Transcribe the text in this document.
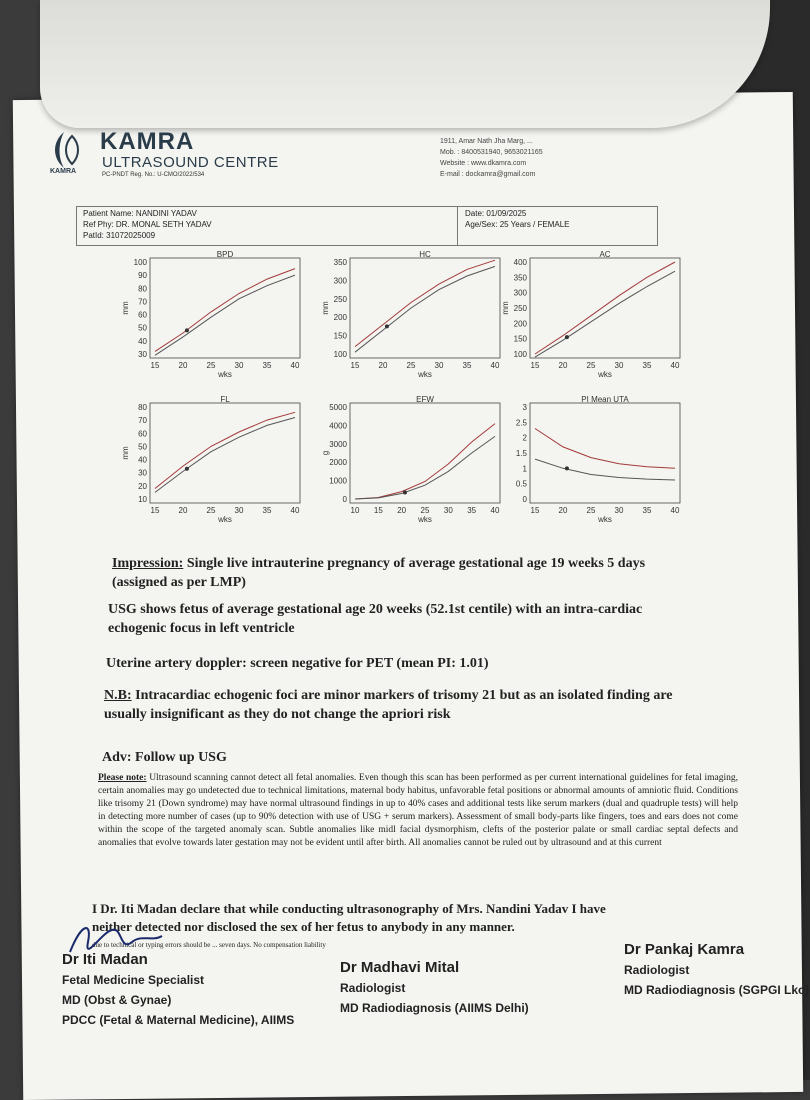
KAMRA
ULTRASOUND CENTRE
PC-PNDT Reg. No.: U-CMO/2022/534
KAMRA
1911, Amar Nath Jha Marg, ...
Mob. : 8400531940, 9653021165
Website : www.dkamra.com
E-mail : dockamra@gmail.com
Patient Name: NANDINI YADAV
Ref Phy: DR. MONAL SETH YADAV
PatId: 31072025009
Date: 01/09/2025
Age/Sex: 25 Years / FEMALE
BPD
15 20 25 30 35 40
30
40
50
60
70
80
90
100
wks
mm
HC
15 20 25 30 35 40
100
150
200
250
300
350
wks
mm
AC
15 20 25 30 35 40
100
150
200
250
300
350
400
wks
mm
FL
15 20 25 30 35 40
10
20
30
40
50
60
70
80
wks
mm
EFW
10 15 20 25 30 35 40
0
1000
2000
3000
4000
5000
wks
g
PI Mean UTA
15 20 25 30 35 40
0
0.5
1
1.5
2
2.5
3
wks
Impression: Single live intrauterine pregnancy of average gestational age 19 weeks 5 days (assigned as per LMP)
USG shows fetus of average gestational age 20 weeks (52.1st centile) with an intra-cardiac echogenic focus in left ventricle
Uterine artery doppler: screen negative for PET (mean PI: 1.01)
N.B: Intracardiac echogenic foci are minor markers of trisomy 21 but as an isolated finding are usually insignificant as they do not change the apriori risk
Adv: Follow up USG
Please note: Ultrasound scanning cannot detect all fetal anomalies. Even though this scan has been performed as per current international guidelines for fetal imaging, certain anomalies may go undetected due to technical limitations, maternal body habitus, unfavorable fetal positions or abnormal amounts of amniotic fluid. Conditions like trisomy 21 (Down syndrome) may have normal ultrasound findings in up to 40% cases and additional tests like serum markers (dual and quadruple tests) will help in detecting more number of cases (up to 90% detection with use of USG + serum markers). Assessment of small body-parts like fingers, toes and ears does not come within the scope of the targeted anomaly scan. Subtle anomalies like midl facial dysmorphism, clefts of the posterior palate or small cardiac septal defects and anomalies that evolve towards later gestation may not be evident until after birth. All anomalies cannot be ruled out by ultrasound and at this current
I Dr. Iti Madan declare that while conducting ultrasonography of Mrs. Nandini Yadav I have
neither detected nor disclosed the sex of her fetus to anybody in any manner.
due to technical or typing errors should be ... seven days. No compensation liability
Dr Iti Madan
Fetal Medicine Specialist
MD (Obst & Gynae)
PDCC (Fetal & Maternal Medicine), AIIMS
Dr Madhavi Mital
Radiologist
MD Radiodiagnosis (AIIMS Delhi)
Dr Pankaj Kamra
Radiologist
MD Radiodiagnosis (SGPGI Lko)
